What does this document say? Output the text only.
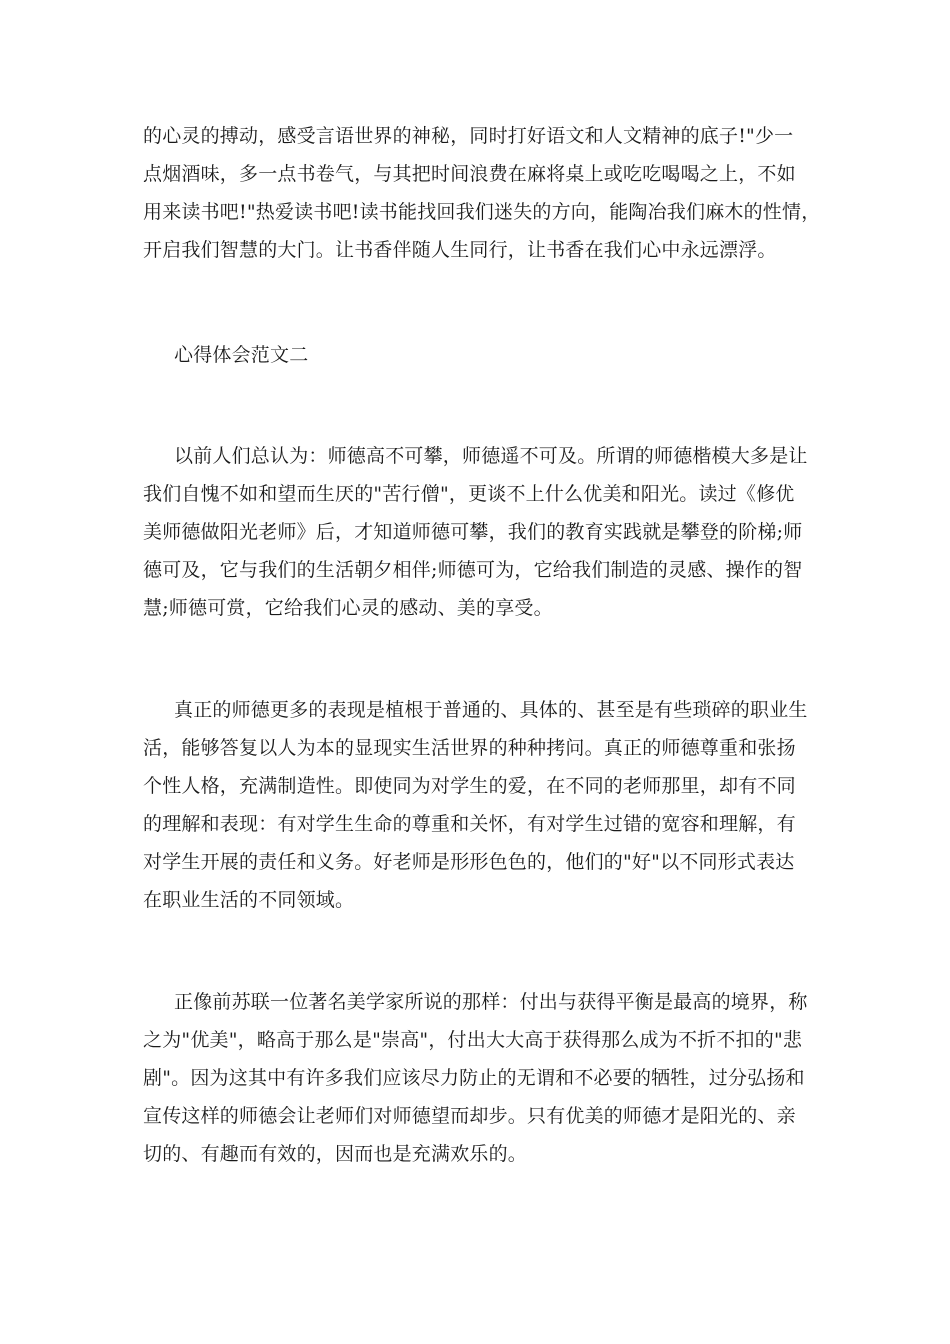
的心灵的搏动，感受言语世界的神秘，同时打好语文和人文精神的底子!"少一
点烟酒味，多一点书卷气，与其把时间浪费在麻将桌上或吃吃喝喝之上，不如
用来读书吧!"热爱读书吧!读书能找回我们迷失的方向，能陶冶我们麻木的性情，
开启我们智慧的大门。让书香伴随人生同行，让书香在我们心中永远漂浮。
心得体会范文二
以前人们总认为：师德高不可攀，师德遥不可及。所谓的师德楷模大多是让
我们自愧不如和望而生厌的"苦行僧"，更谈不上什么优美和阳光。读过《修优
美师德做阳光老师》后，才知道师德可攀，我们的教育实践就是攀登的阶梯;师
德可及，它与我们的生活朝夕相伴;师德可为，它给我们制造的灵感、操作的智
慧;师德可赏，它给我们心灵的感动、美的享受。
真正的师德更多的表现是植根于普通的、具体的、甚至是有些琐碎的职业生
活，能够答复以人为本的显现实生活世界的种种拷问。真正的师德尊重和张扬
个性人格，充满制造性。即使同为对学生的爱，在不同的老师那里，却有不同
的理解和表现：有对学生生命的尊重和关怀，有对学生过错的宽容和理解，有
对学生开展的责任和义务。好老师是形形色色的，他们的"好"以不同形式表达
在职业生活的不同领域。
正像前苏联一位著名美学家所说的那样：付出与获得平衡是最高的境界，称
之为"优美"，略高于那么是"崇高"，付出大大高于获得那么成为不折不扣的"悲
剧"。因为这其中有许多我们应该尽力防止的无谓和不必要的牺牲，过分弘扬和
宣传这样的师德会让老师们对师德望而却步。只有优美的师德才是阳光的、亲
切的、有趣而有效的，因而也是充满欢乐的。
